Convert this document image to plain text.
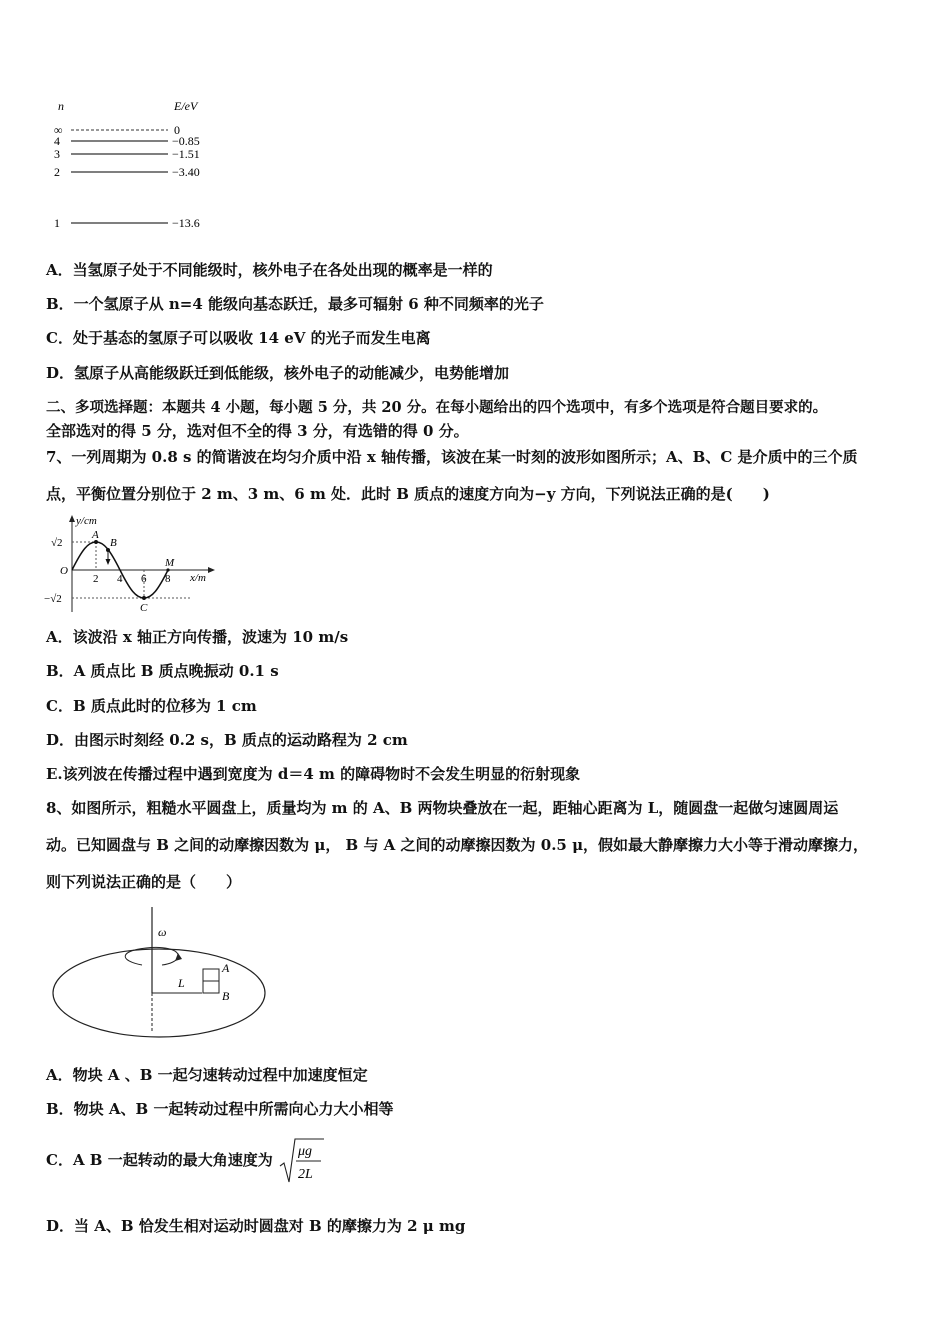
n	E/eV
∞	0
4	−0.85
3	−1.51
2	−3.40
1	−13.6
A．当氢原子处于不同能级时，核外电子在各处出现的概率是一样的
B．一个氢原子从 n=4 能级向基态跃迁，最多可辐射 6 种不同频率的光子
C．处于基态的氢原子可以吸收 14 eV 的光子而发生电离
D．氢原子从高能级跃迁到低能级，核外电子的动能减少，电势能增加
二、多项选择题：本题共 4 小题，每小题 5 分，共 20 分。在每小题给出的四个选项中，有多个选项是符合题目要求的。
全部选对的得 5 分，选对但不全的得 3 分，有选错的得 0 分。
7、一列周期为 0.8 s 的简谐波在均匀介质中沿 x 轴传播，该波在某一时刻的波形如图所示；A、B、C 是介质中的三个质
点，平衡位置分别位于 2 m、3 m、6 m 处．此时 B 质点的速度方向为−y 方向，下列说法正确的是(　　)
y/cm
x/m
O
√2
−√2
2 4 6 8
A
B
C
M
A．该波沿 x 轴正方向传播，波速为 10 m/s
B．A 质点比 B 质点晚振动 0.1 s
C．B 质点此时的位移为 1 cm
D．由图示时刻经 0.2 s，B 质点的运动路程为 2 cm
E.该列波在传播过程中遇到宽度为 d＝4 m 的障碍物时不会发生明显的衍射现象
8、如图所示，粗糙水平圆盘上，质量均为 m 的 A、B 两物块叠放在一起，距轴心距离为 L，随圆盘一起做匀速圆周运
动。已知圆盘与 B 之间的动摩擦因数为 μ， B 与 A 之间的动摩擦因数为 0.5 μ，假如最大静摩擦力大小等于滑动摩擦力，
则下列说法正确的是（　　）
ω
L
A
B
A．物块 A 、B 一起匀速转动过程中加速度恒定
B．物块 A、B 一起转动过程中所需向心力大小相等
C．A B 一起转动的最大角速度为 μg
2L
D．当 A、B 恰发生相对运动时圆盘对 B 的摩擦力为 2 μ mg
